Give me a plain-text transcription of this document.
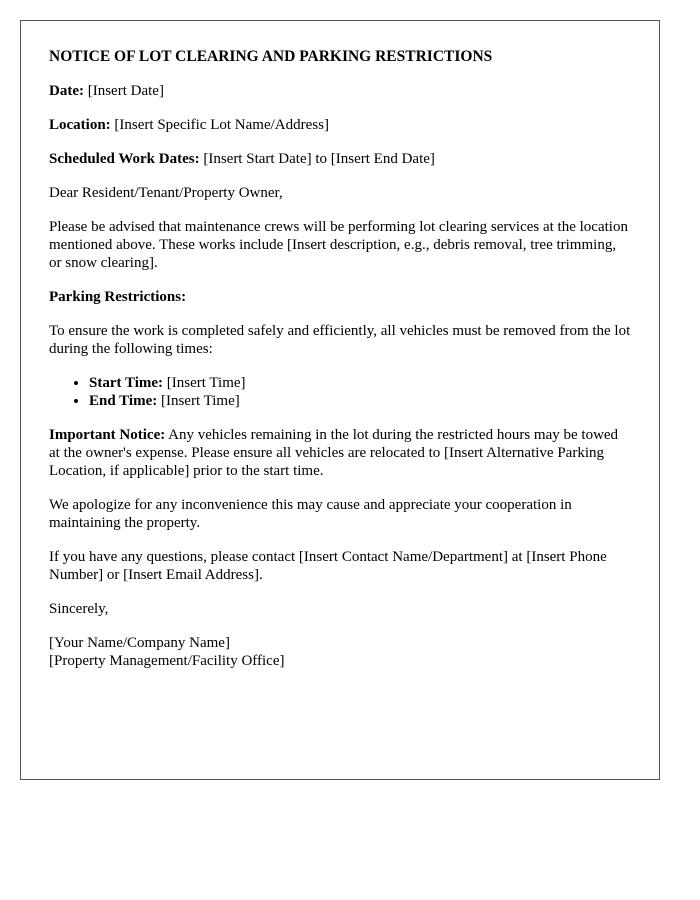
NOTICE OF LOT CLEARING AND PARKING RESTRICTIONS

Date: [Insert Date]

Location: [Insert Specific Lot Name/Address]

Scheduled Work Dates: [Insert Start Date] to [Insert End Date]

Dear Resident/Tenant/Property Owner,

Please be advised that maintenance crews will be performing lot clearing services at the location mentioned above. These works include [Insert description, e.g., debris removal, tree trimming, or snow clearing].

Parking Restrictions:

To ensure the work is completed safely and efficiently, all vehicles must be removed from the lot during the following times:

• Start Time: [Insert Time]
• End Time: [Insert Time]

Important Notice: Any vehicles remaining in the lot during the restricted hours may be towed at the owner's expense. Please ensure all vehicles are relocated to [Insert Alternative Parking Location, if applicable] prior to the start time.

We apologize for any inconvenience this may cause and appreciate your cooperation in maintaining the property.

If you have any questions, please contact [Insert Contact Name/Department] at [Insert Phone Number] or [Insert Email Address].

Sincerely,

[Your Name/Company Name]
[Property Management/Facility Office]
